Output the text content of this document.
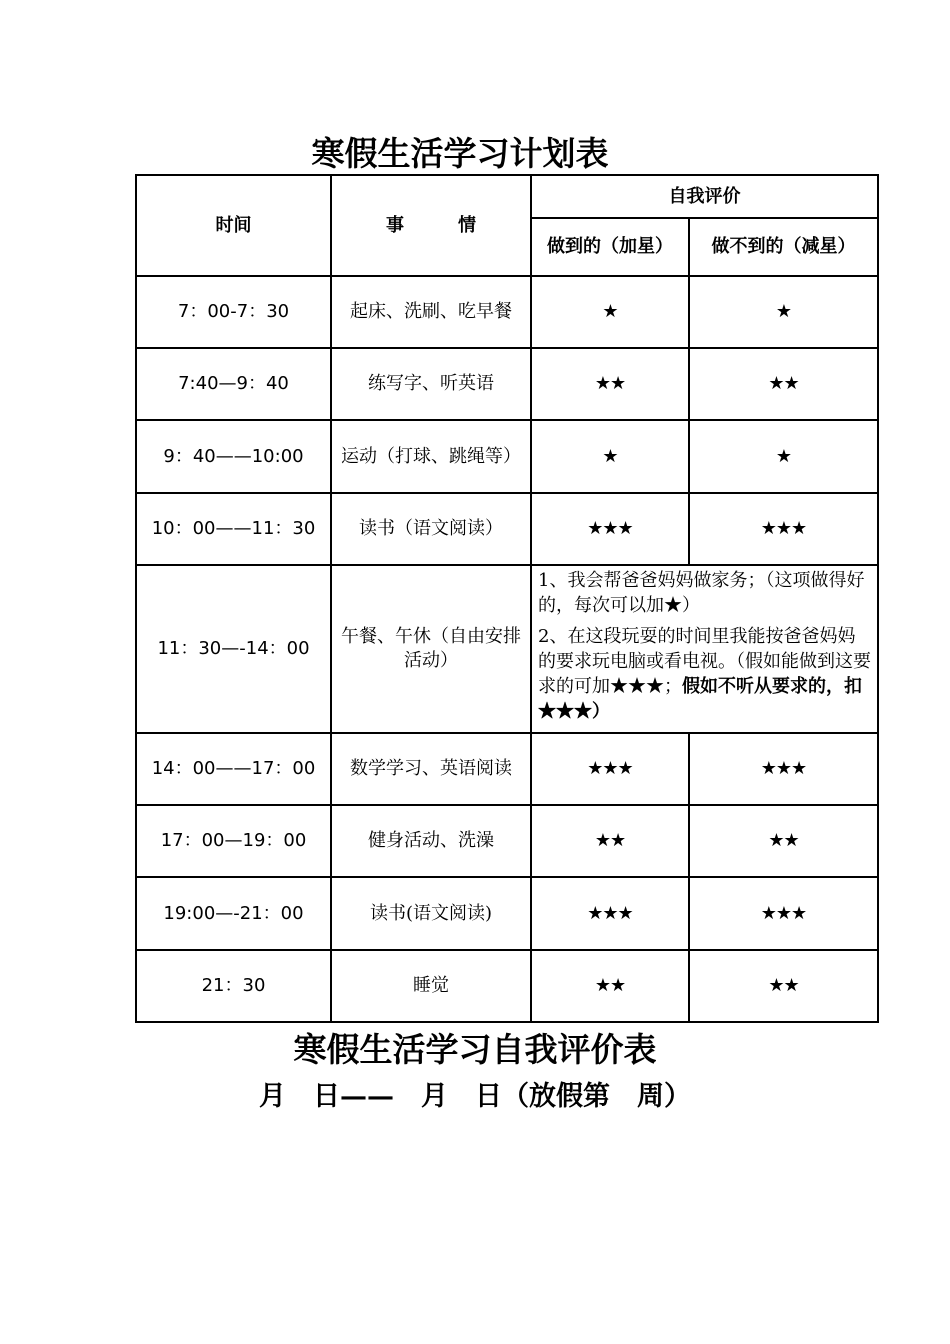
寒假生活学习计划表
时间	事　　　情	自我评价	
		做到的（加星）	做不到的（减星）
7：00-7：30	起床、洗刷、吃早餐	★	★
7:40—9：40	练写字、听英语	★★	★★
9：40——10:00	运动（打球、跳绳等）	★	★
10：00——11：30	读书（语文阅读）	★★★	★★★
11：30—-14：00	午餐、午休（自由安排活动）	1、我会帮爸爸妈妈做家务；（这项做得好的，每次可以加★）

2、在这段玩耍的时间里我能按爸爸妈妈的要求玩电脑或看电视。（假如能做到这要求的可加★★★；假如不听从要求的，扣★★★）	

14：00——17：00	数学学习、英语阅读	★★★	★★★
17：00—19：00	健身活动、洗澡	★★	★★
19:00—-21：00	读书(语文阅读)	★★★	★★★
21：30	睡觉	★★	★★
寒假生活学习自我评价表
月　日——　月　日（放假第　周）
